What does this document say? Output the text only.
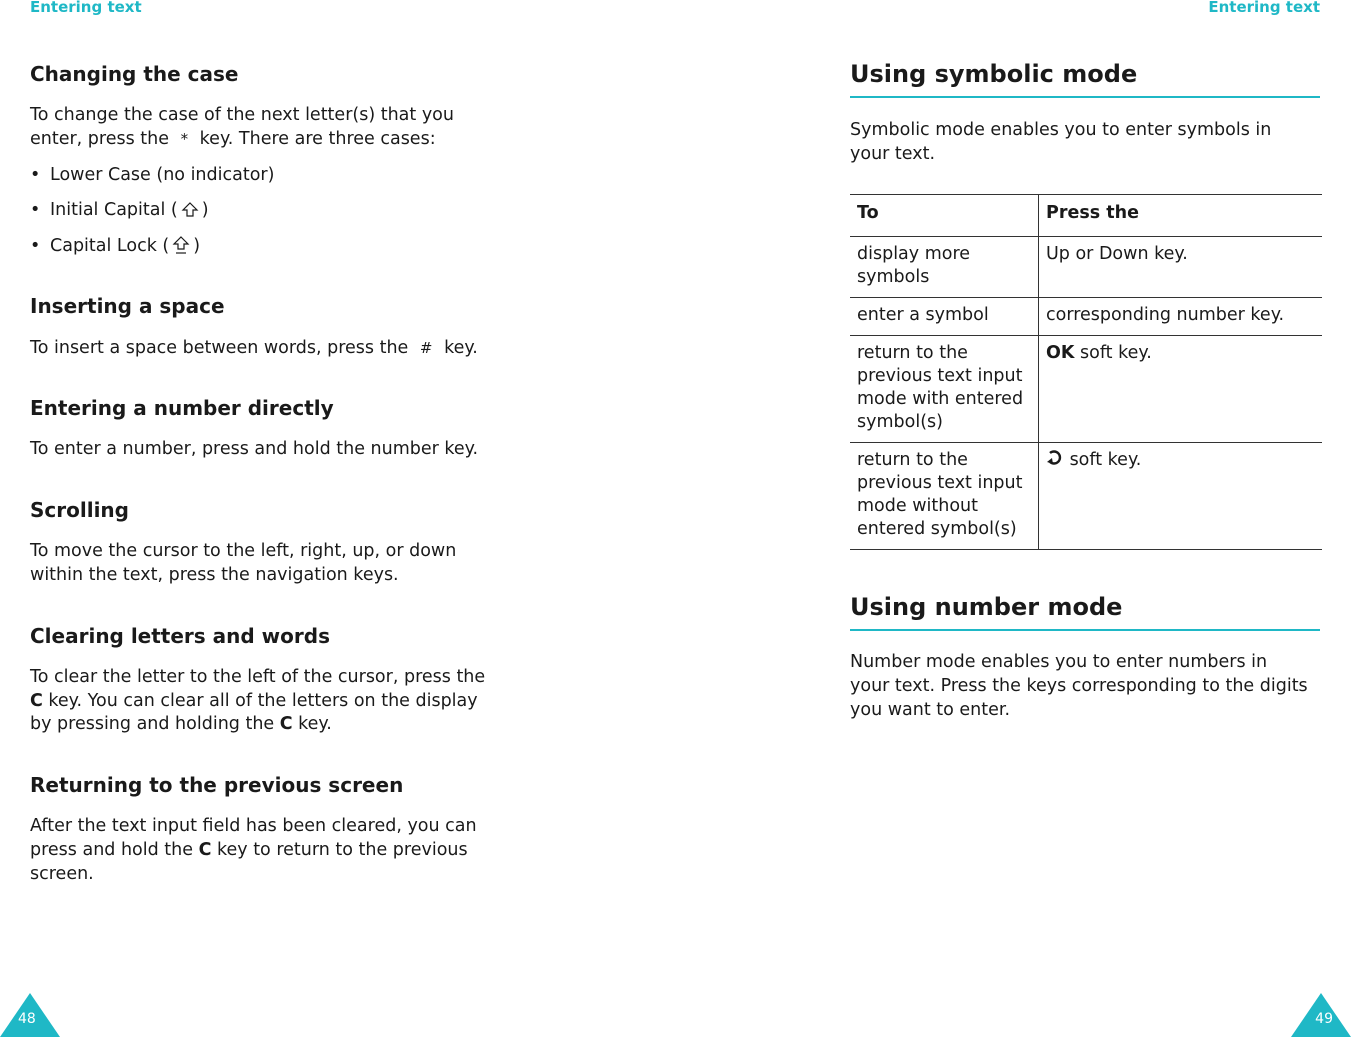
Entering text
Changing the case

To change the case of the next letter(s) that you

enter, press the * key. There are three cases:

• Lower Case (no indicator)
• Initial Capital ( )
• Capital Lock ( )
Inserting a space

To insert a space between words, press the # key.

Entering a number directly

To enter a number, press and hold the number key.

Scrolling

To move the cursor to the left, right, up, or down

within the text, press the navigation keys.

Clearing letters and words

To clear the letter to the left of the cursor, press the

C key. You can clear all of the letters on the display

by pressing and holding the C key.

Returning to the previous screen

After the text input field has been cleared, you can

press and hold the C key to return to the previous

screen.

48
Entering text
Using symbolic mode

Symbolic mode enables you to enter symbols in

your text.

To	Press the
display more symbols	Up or Down key.
enter a symbol	corresponding number key.
return to the previous text input mode with entered symbol(s)	OK soft key.
return to the previous text input mode without entered symbol(s)	soft key.
Using number mode

Number mode enables you to enter numbers in

your text. Press the keys corresponding to the digits

you want to enter.

49
